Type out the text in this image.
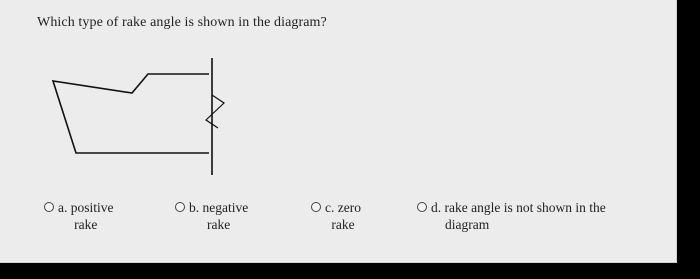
Which type of rake angle is shown in the diagram?

a. positive
rake
b. negative
rake
c. zero
rake
d. rake angle is not shown in the
diagram
